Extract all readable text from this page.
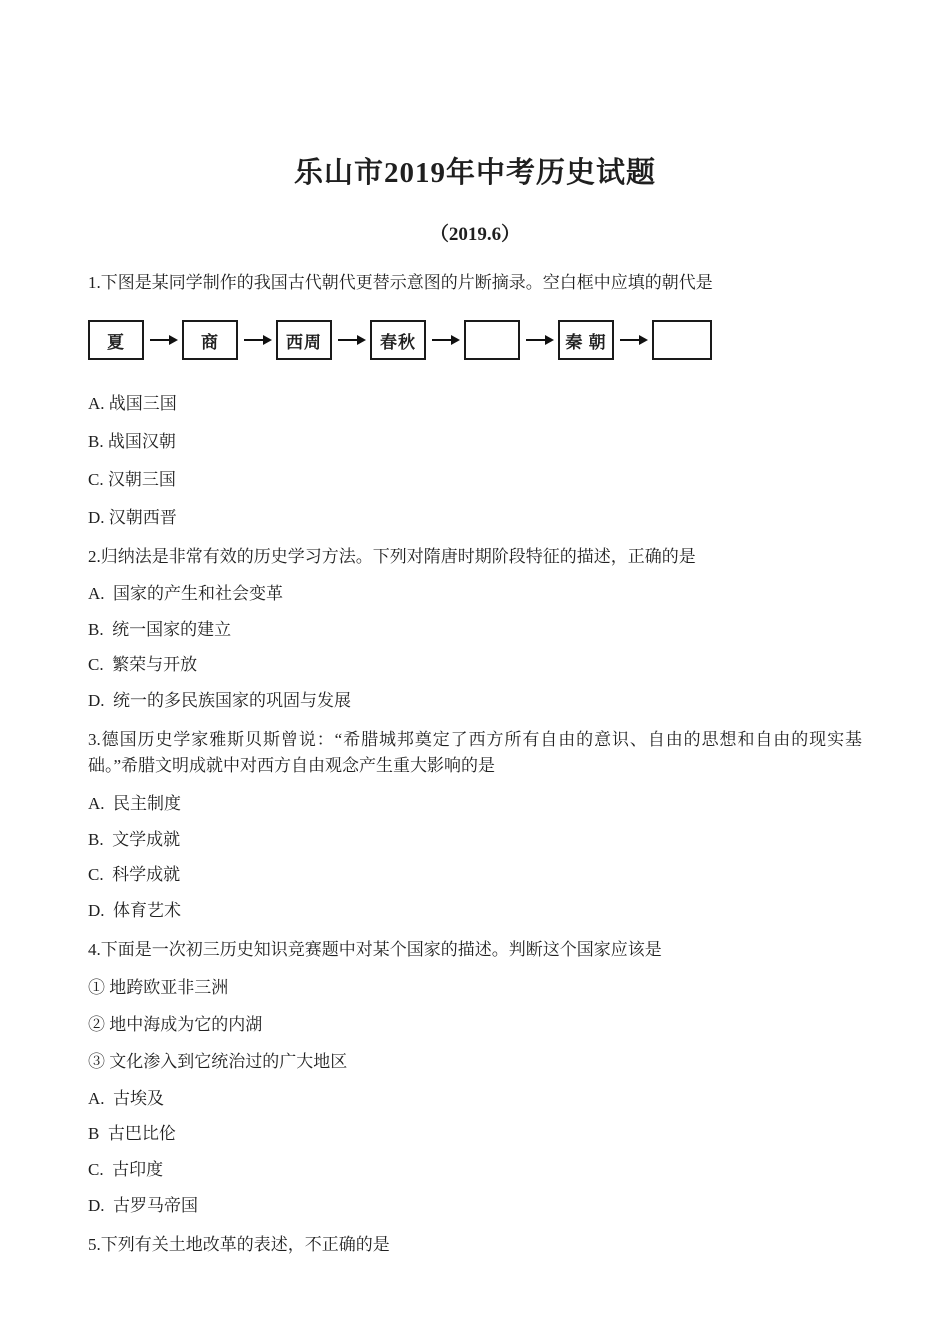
乐山市2019年中考历史试题
（2019.6）
1.下图是某同学制作的我国古代朝代更替示意图的片断摘录。空白框中应填的朝代是
夏	商	西周	春秋	秦 朝
A. 战国三国
B. 战国汉朝
C. 汉朝三国
D. 汉朝西晋
2.归纳法是非常有效的历史学习方法。下列对隋唐时期阶段特征的描述，正确的是
A.  国家的产生和社会变革
B.  统一国家的建立
C.  繁荣与开放
D.  统一的多民族国家的巩固与发展
3.德国历史学家雅斯贝斯曾说：“希腊城邦奠定了西方所有自由的意识、自由的思想和自由的现实基础。”希腊文明成就中对西方自由观念产生重大影响的是
A.  民主制度
B.  文学成就
C.  科学成就
D.  体育艺术
4.下面是一次初三历史知识竞赛题中对某个国家的描述。判断这个国家应该是
① 地跨欧亚非三洲
② 地中海成为它的内湖
③ 文化渗入到它统治过的广大地区
A.  古埃及
B  古巴比伦
C.  古印度
D.  古罗马帝国
5.下列有关土地改革的表述，不正确的是
